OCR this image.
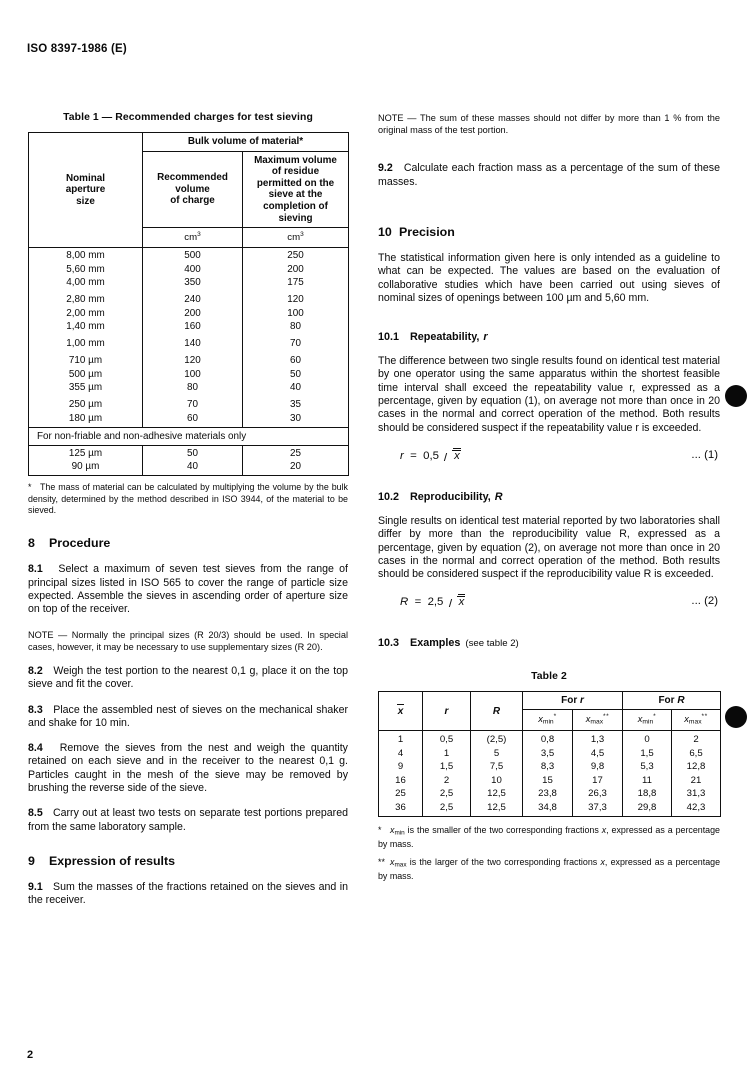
ISO 8397-1986 (E)
Table 1 — Recommended charges for test sieving
Nominal
aperture
size	Bulk volume of material*	
Recommended
volume
of charge	Maximum volume
of residue
permitted on the
sieve at the
completion of
sieving
	$cm^3$	$cm^3$
8,00 mm	500	250
5,60 mm	400	200
4,00 mm	350	175
2,80 mm	240	120
2,00 mm	200	100
1,40 mm	160	80
1,00 mm	140	70
710 µm	120	60
500 µm	100	50
355 µm	80	40
250 µm	70	35
180 µm	60	30
For non-friable and non-adhesive materials only		
125 µm	50	25
90 µm	40	20

* The mass of material can be calculated by multiplying the volume by the bulk density, determined by the method described in ISO 3944, of the material to be sieved.

8 Procedure

8.1 Select a maximum of seven test sieves from the range of principal sizes listed in ISO 565 to cover the range of particle size expected. Assemble the sieves in ascending order of aperture size on top of the receiver.

NOTE — Normally the principal sizes (R 20/3) should be used. In special cases, however, it may be necessary to use supplementary sizes (R 20).

8.2 Weigh the test portion to the nearest 0,1 g, place it on the top sieve and fit the cover.

8.3 Place the assembled nest of sieves on the mechanical shaker and shake for 10 min.

8.4 Remove the sieves from the nest and weigh the quantity retained on each sieve and in the receiver to the nearest 0,1 g. Particles caught in the mesh of the sieve may be removed by brushing the reverse side of the sieve.

8.5 Carry out at least two tests on separate test portions prepared from the same laboratory sample.

9 Expression of results

9.1 Sum the masses of the fractions retained on the sieves and in the receiver.

NOTE — The sum of these masses should not differ by more than 1 % from the original mass of the test portion.

9.2 Calculate each fraction mass as a percentage of the sum of these masses.

10 Precision

The statistical information given here is only intended as a guideline to what can be expected. The values are based on the evaluation of collaborative studies which have been carried out using sieves of nominal sizes of openings between 100 µm and 5,60 mm.

10.1 Repeatability, r

The difference between two single results found on identical test material by one operator using the same apparatus within the shortest feasible time interval shall exceed the repeatability value r, expressed as a percentage, given by equation (1), on average not more than once in 20 cases in the normal and correct operation of the method. Both results should be considered suspect if the repeatability value r is exceeded.

r  =  0,5 x	... (1)
10.2 Reproducibility, R

Single results on identical test material reported by two laboratories shall differ by more than the reproducibility value R, expressed as a percentage, given by equation (2), on average not more than once in 20 cases in the normal and correct operation of the method. Both results should be considered suspect if the reproducibility value R is exceeded.

R  =  2,5 x	... (2)
10.3 Examples (see table 2)
Table 2
x	r	R	For r		For R	
			$x_{min}^*$	$x_{max}^{**}$	$x_{min}^*$	$x_{max}^{**}$
1	0,5	(2,5)	0,8	1,3	0	2
4	1	5	3,5	4,5	1,5	6,5
9	1,5	7,5	8,3	9,8	5,3	12,8
16	2	10	15	17	11	21
25	2,5	12,5	23,8	26,3	18,8	31,3
36	2,5	12,5	34,8	37,3	29,8	42,3

* $x_{min}$ is the smaller of the two corresponding fractions x, expressed as a percentage by mass.

** $x_{max}$ is the larger of the two corresponding fractions x, expressed as a percentage by mass.

2
